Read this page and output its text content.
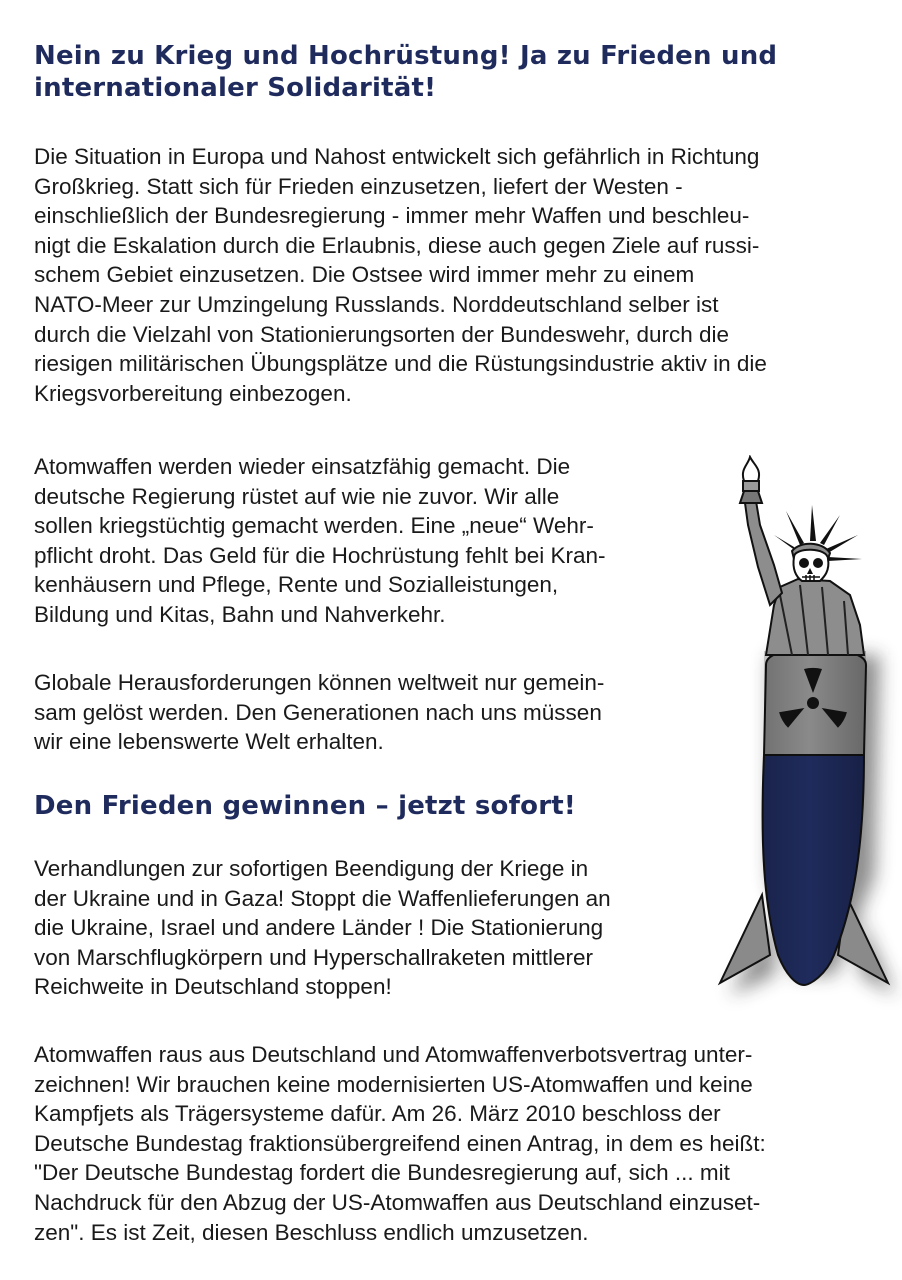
Nein zu Krieg und Hochrüstung! Ja zu Frieden und
internationaler Solidarität!

Die Situation in Europa und Nahost entwickelt sich gefährlich in Richtung
Großkrieg. Statt sich für Frieden einzusetzen, liefert der Westen -
einschließlich der Bundesregierung - immer mehr Waffen und beschleu-
nigt die Eskalation durch die Erlaubnis, diese auch gegen Ziele auf russi-
schem Gebiet einzusetzen. Die Ostsee wird immer mehr zu einem
NATO-Meer zur Umzingelung Russlands. Norddeutschland selber ist
durch die Vielzahl von Stationierungsorten der Bundeswehr, durch die
riesigen militärischen Übungsplätze und die Rüstungsindustrie aktiv in die
Kriegsvorbereitung einbezogen.

Atomwaffen werden wieder einsatzfähig gemacht. Die
deutsche Regierung rüstet auf wie nie zuvor. Wir alle
sollen kriegstüchtig gemacht werden. Eine „neue“ Wehr-
pflicht droht. Das Geld für die Hochrüstung fehlt bei Kran-
kenhäusern und Pflege, Rente und Sozialleistungen,
Bildung und Kitas, Bahn und Nahverkehr.

Globale Herausforderungen können weltweit nur gemein-
sam gelöst werden. Den Generationen nach uns müssen
wir eine lebenswerte Welt erhalten.

Den Frieden gewinnen – jetzt sofort!

Verhandlungen zur sofortigen Beendigung der Kriege in
der Ukraine und in Gaza! Stoppt die Waffenlieferungen an
die Ukraine, Israel und andere Länder ! Die Stationierung
von Marschflugkörpern und Hyperschallraketen mittlerer
Reichweite in Deutschland stoppen!

Atomwaffen raus aus Deutschland und Atomwaffenverbotsvertrag unter-
zeichnen! Wir brauchen keine modernisierten US-Atomwaffen und keine
Kampfjets als Trägersysteme dafür. Am 26. März 2010 beschloss der
Deutsche Bundestag fraktionsübergreifend einen Antrag, in dem es heißt:
"Der Deutsche Bundestag fordert die Bundesregierung auf, sich ... mit
Nachdruck für den Abzug der US-Atomwaffen aus Deutschland einzuset-
zen". Es ist Zeit, diesen Beschluss endlich umzusetzen.
